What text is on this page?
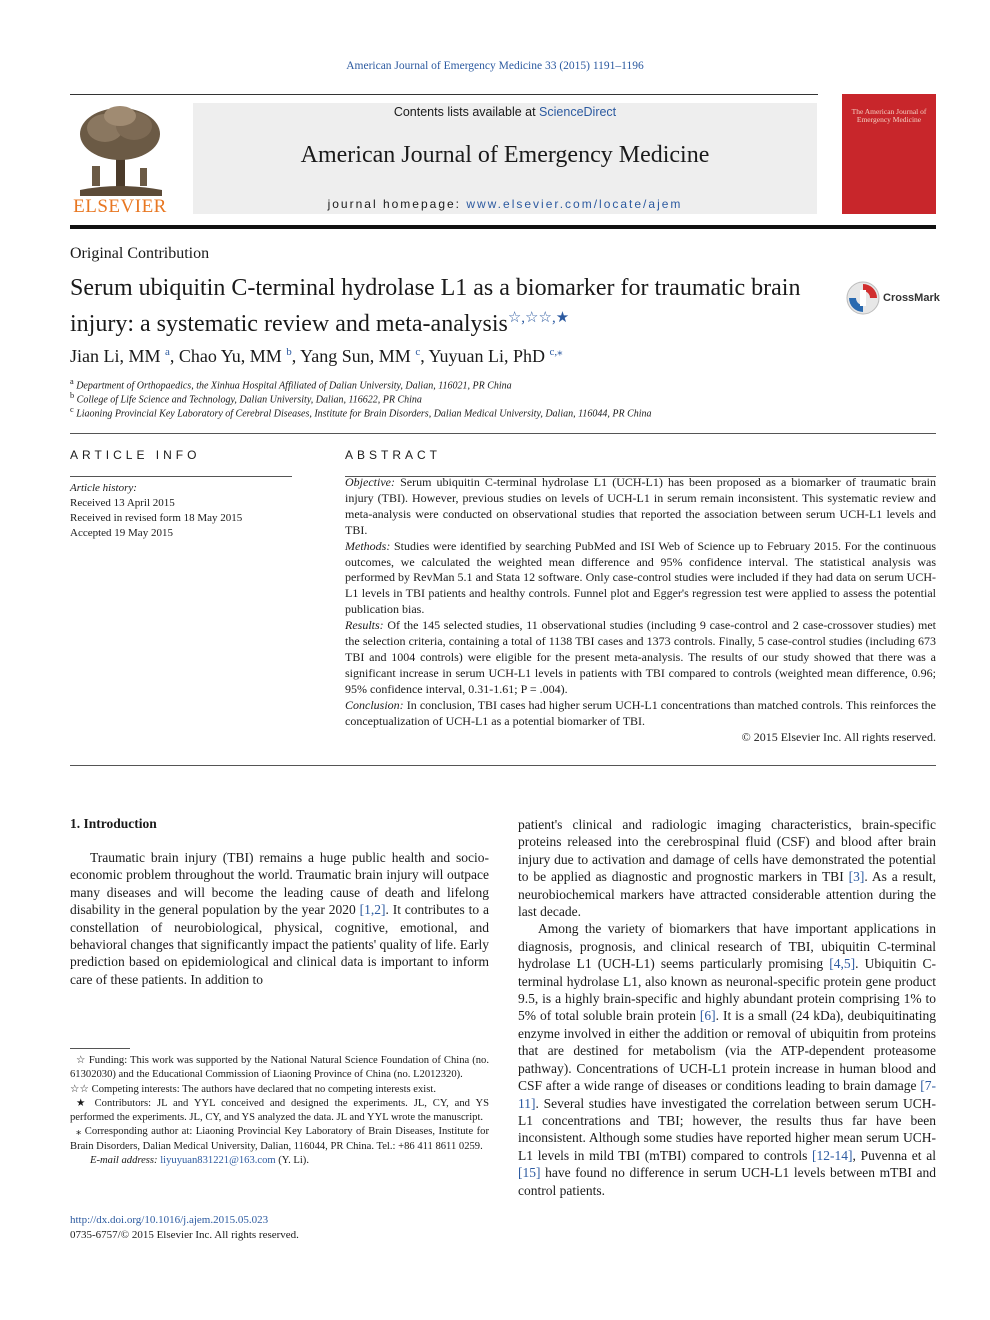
American Journal of Emergency Medicine 33 (2015) 1191–1196
ELSEVIER
Contents lists available at ScienceDirect
American Journal of Emergency Medicine
journal homepage: www.elsevier.com/locate/ajem
The American Journal of Emergency Medicine
Original Contribution
Serum ubiquitin C-terminal hydrolase L1 as a biomarker for traumatic brain injury: a systematic review and meta-analysis☆,☆☆,★
CrossMark
Jian Li, MM $^a$, Chao Yu, MM $^b$, Yang Sun, MM $^c$, Yuyuan Li, PhD $^{c,⁎}$
$^a$ Department of Orthopaedics, the Xinhua Hospital Affiliated of Dalian University, Dalian, 116021, PR China
$^b$ College of Life Science and Technology, Dalian University, Dalian, 116622, PR China
$^c$ Liaoning Provincial Key Laboratory of Cerebral Diseases, Institute for Brain Disorders, Dalian Medical University, Dalian, 116044, PR China
ARTICLE INFO
Article history:
Received 13 April 2015
Received in revised form 18 May 2015
Accepted 19 May 2015
ABSTRACT

Objective: Serum ubiquitin C-terminal hydrolase L1 (UCH-L1) has been proposed as a biomarker of traumatic brain injury (TBI). However, previous studies on levels of UCH-L1 in serum remain inconsistent. This systematic review and meta-analysis were conducted on observational studies that reported the association between serum UCH-L1 levels and TBI.

Methods: Studies were identified by searching PubMed and ISI Web of Science up to February 2015. For the continuous outcomes, we calculated the weighted mean difference and 95% confidence interval. The statistical analysis was performed by RevMan 5.1 and Stata 12 software. Only case-control studies were included if they had data on serum UCH-L1 levels in TBI patients and healthy controls. Funnel plot and Egger's regression test were applied to assess the potential publication bias.

Results: Of the 145 selected studies, 11 observational studies (including 9 case-control and 2 case-crossover studies) met the selection criteria, containing a total of 1138 TBI cases and 1373 controls. Finally, 5 case-control studies (including 673 TBI and 1004 controls) were eligible for the present meta-analysis. The results of our study showed that there was a significant increase in serum UCH-L1 levels in patients with TBI compared to controls (weighted mean difference, 0.96; 95% confidence interval, 0.31-1.61; P = .004).

Conclusion: In conclusion, TBI cases had higher serum UCH-L1 concentrations than matched controls. This reinforces the conceptualization of UCH-L1 as a potential biomarker of TBI.

© 2015 Elsevier Inc. All rights reserved.

1. Introduction

Traumatic brain injury (TBI) remains a huge public health and socio-economic problem throughout the world. Traumatic brain injury will outpace many diseases and will become the leading cause of death and lifelong disability in the general population by the year 2020 [1,2]. It contributes to a constellation of neurobiological, physical, cognitive, emotional, and behavioral changes that significantly impact the patients' quality of life. Early prediction based on epidemiological and clinical data is important to inform care of these patients. In addition to

☆ Funding: This work was supported by the National Natural Science Foundation of China (no. 61302030) and the Educational Commission of Liaoning Province of China (no. L2012320).

☆☆ Competing interests: The authors have declared that no competing interests exist.

★ Contributors: JL and YYL conceived and designed the experiments. JL, CY, and YS performed the experiments. JL, CY, and YS analyzed the data. JL and YYL wrote the manuscript.

⁎ Corresponding author at: Liaoning Provincial Key Laboratory of Brain Diseases, Institute for Brain Disorders, Dalian Medical University, Dalian, 116044, PR China. Tel.: +86 411 8611 0259.

E-mail address: liyuyuan831221@163.com (Y. Li).

patient's clinical and radiologic imaging characteristics, brain-specific proteins released into the cerebrospinal fluid (CSF) and blood after brain injury due to activation and damage of cells have demonstrated the potential to be applied as diagnostic and prognostic markers in TBI [3]. As a result, neurobiochemical markers have attracted considerable attention during the last decade.

Among the variety of biomarkers that have important applications in diagnosis, prognosis, and clinical research of TBI, ubiquitin C-terminal hydrolase L1 (UCH-L1) seems particularly promising [4,5]. Ubiquitin C-terminal hydrolase L1, also known as neuronal-specific protein gene product 9.5, is a highly brain-specific and highly abundant protein comprising 1% to 5% of total soluble brain protein [6]. It is a small (24 kDa), deubiquitinating enzyme involved in either the addition or removal of ubiquitin from proteins that are destined for metabolism (via the ATP-dependent proteasome pathway). Concentrations of UCH-L1 protein increase in human blood and CSF after a wide range of diseases or conditions leading to brain damage [7-11]. Several studies have investigated the correlation between serum UCH-L1 concentrations and TBI; however, the results thus far have been inconsistent. Although some studies have reported higher mean serum UCH-L1 levels in mild TBI (mTBI) compared to controls [12-14], Puvenna et al [15] have found no difference in serum UCH-L1 levels between mTBI and control patients.

http://dx.doi.org/10.1016/j.ajem.2015.05.023
0735-6757/© 2015 Elsevier Inc. All rights reserved.
